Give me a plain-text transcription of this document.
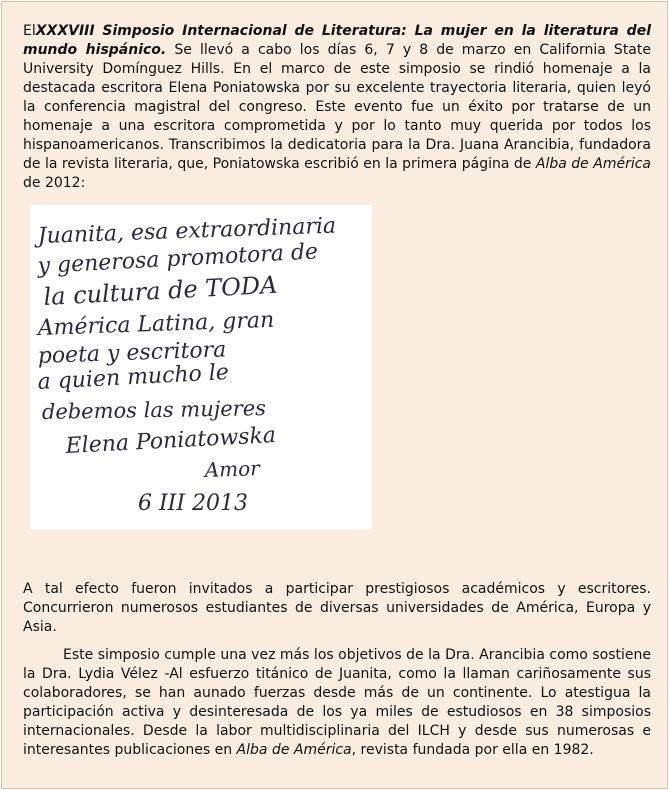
ElXXXVIII Simposio Internacional de Literatura: La mujer en la literatura del mundo hispánico. Se llevó a cabo los días 6, 7 y 8 de marzo en California State University Domínguez Hills. En el marco de este simposio se rindió homenaje a la destacada escritora Elena Poniatowska por su excelente trayectoria literaria, quien leyó la conferencia magistral del congreso. Este evento fue un éxito por tratarse de un homenaje a una escritora comprometida y por lo tanto muy querida por todos los hispanoamericanos. Transcribimos la dedicatoria para la Dra. Juana Arancibia, fundadora de la revista literaria, que, Poniatowska escribió en la primera página de Alba de América de 2012:

Juanita, esa extraordinaria
y generosa promotora de
la cultura de TODA
América Latina, gran
poeta y escritora
a quien mucho le
debemos las mujeres
Elena Poniatowska
Amor
6 III 2013

A tal efecto fueron invitados a participar prestigiosos académicos y escritores. Concurrieron numerosos estudiantes de diversas universidades de América, Europa y Asia.

Este simposio cumple una vez más los objetivos de la Dra. Arancibia como sostiene la Dra. Lydia Vélez -Al esfuerzo titánico de Juanita, como la llaman cariñosamente sus colaboradores, se han aunado fuerzas desde más de un continente. Lo atestigua la participación activa y desinteresada de los ya miles de estudiosos en 38 simposios internacionales. Desde la labor multidisciplinaria del ILCH y desde sus numerosas e interesantes publicaciones en Alba de América, revista fundada por ella en 1982.
